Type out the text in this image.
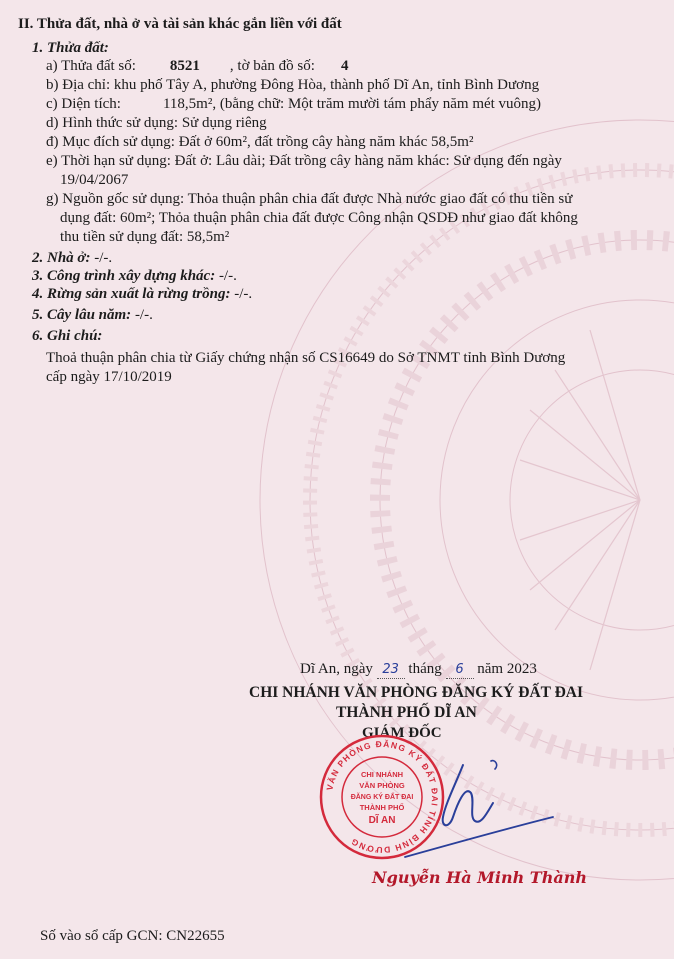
II. Thửa đất, nhà ở và tài sản khác gắn liền với đất
1. Thửa đất:
a) Thửa đất số: 8521 , tờ bản đồ số: 4
b) Địa chỉ: khu phố Tây A, phường Đông Hòa, thành phố Dĩ An, tỉnh Bình Dương
c) Diện tích:	118,5m², (bằng chữ: Một trăm mười tám phẩy năm mét vuông)
d) Hình thức sử dụng: Sử dụng riêng
đ) Mục đích sử dụng: Đất ở 60m², đất trồng cây hàng năm khác 58,5m²
e) Thời hạn sử dụng: Đất ở: Lâu dài; Đất trồng cây hàng năm khác: Sử dụng đến ngày
19/04/2067
g) Nguồn gốc sử dụng: Thỏa thuận phân chia đất được Nhà nước giao đất có thu tiền sử
dụng đất: 60m²; Thỏa thuận phân chia đất được Công nhận QSDĐ như giao đất không
thu tiền sử dụng đất: 58,5m²
2. Nhà ở: -/-.
3. Công trình xây dựng khác: -/-.
4. Rừng sản xuất là rừng trồng: -/-.
5. Cây lâu năm: -/-.
6. Ghi chú:
Thoả thuận phân chia từ Giấy chứng nhận số CS16649 do Sở TNMT tỉnh Bình Dương
cấp ngày 17/10/2019
Dĩ An, ngày 23 tháng 6 năm 2023
CHI NHÁNH VĂN PHÒNG ĐĂNG KÝ ĐẤT ĐAI
THÀNH PHỐ DĨ AN
GIÁM ĐỐC
VĂN PHÒNG ĐĂNG KÝ ĐẤT ĐAI TỈNH BÌNH DƯƠNG
CHI NHÁNH
VĂN PHÒNG
ĐĂNG KÝ ĐẤT ĐAI
THÀNH PHỐ
DĨ AN
Nguyễn Hà Minh Thành
Số vào sổ cấp GCN: CN22655
